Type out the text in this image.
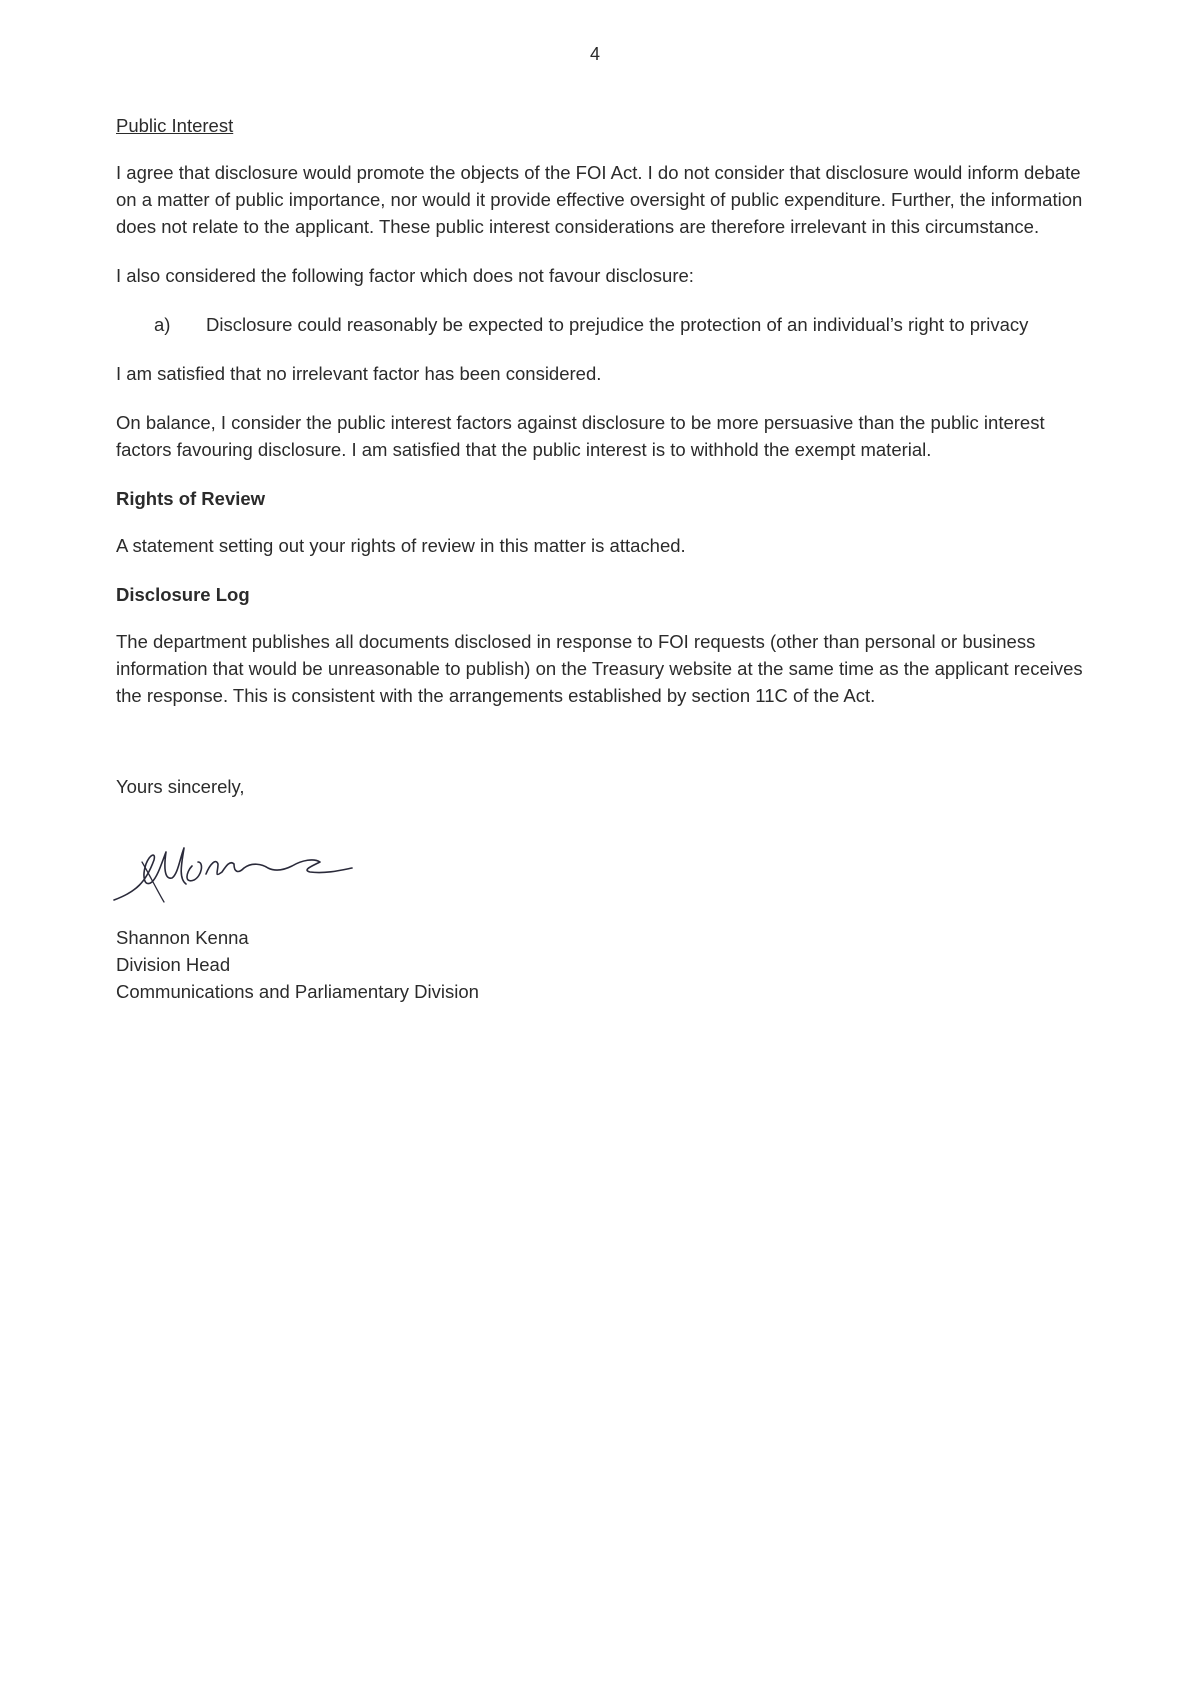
4
Public Interest

I agree that disclosure would promote the objects of the FOI Act. I do not consider that disclosure would inform debate on a matter of public importance, nor would it provide effective oversight of public expenditure. Further, the information does not relate to the applicant. These public interest considerations are therefore irrelevant in this circumstance.

I also considered the following factor which does not favour disclosure:

a)	Disclosure could reasonably be expected to prejudice the protection of an individual’s right to privacy

I am satisfied that no irrelevant factor has been considered.

On balance, I consider the public interest factors against disclosure to be more persuasive than the public interest factors favouring disclosure. I am satisfied that the public interest is to withhold the exempt material.

Rights of Review

A statement setting out your rights of review in this matter is attached.

Disclosure Log

The department publishes all documents disclosed in response to FOI requests (other than personal or business information that would be unreasonable to publish) on the Treasury website at the same time as the applicant receives the response. This is consistent with the arrangements established by section 11C of the Act.

Yours sincerely,
Shannon Kenna
Division Head
Communications and Parliamentary Division
